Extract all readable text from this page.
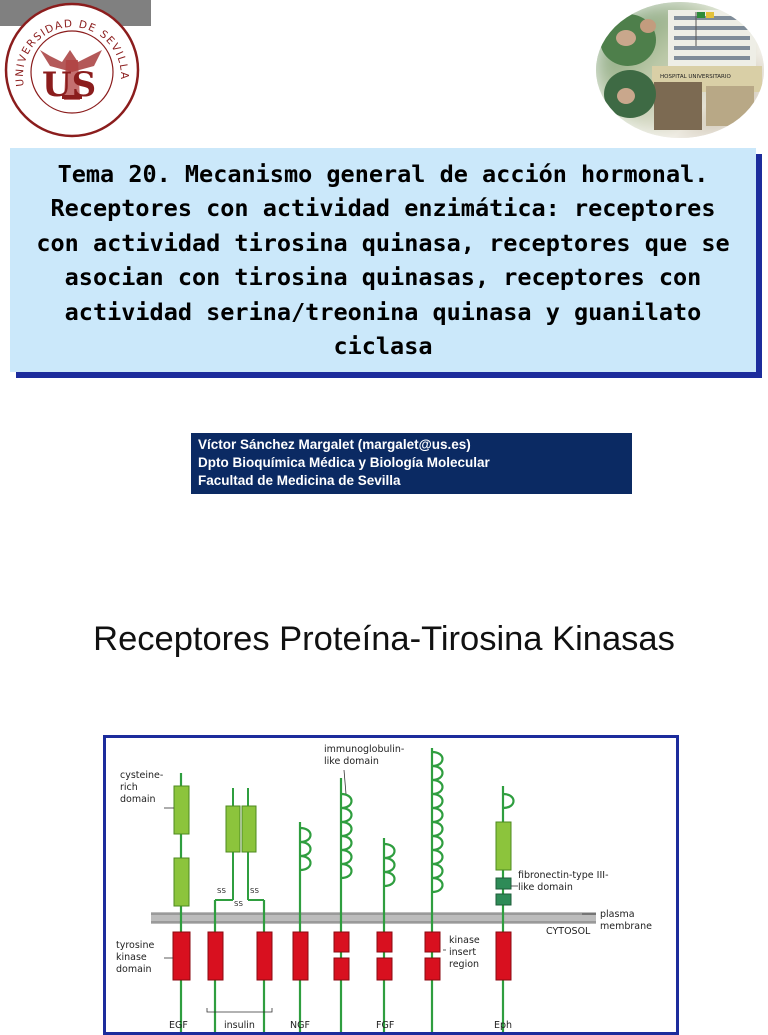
UNIVERSIDAD DE SEVILLA
US	HOSPITAL UNIVERSITARIO

Tema 20. Mecanismo general de acción hormonal.
Receptores con actividad enzimática: receptores
con actividad tirosina quinasa, receptores que se
asocian con tirosina quinasas, receptores con
actividad serina/treonina quinasa y guanilato
ciclasa

Víctor Sánchez Margalet (margalet@us.es)
Dpto Bioquímica Médica y Biología Molecular
Facultad de Medicina de Sevilla
Receptores Proteína-Tirosina Kinasas
SS
SS
SS
cysteine-
rich
domain
immunoglobulin-
like domain
fibronectin-type III-
like domain
plasma
membrane
CYTOSOL
tyrosine
kinase
domain
kinase
insert
region
EGF	insulin	NGF	FGF	Eph
